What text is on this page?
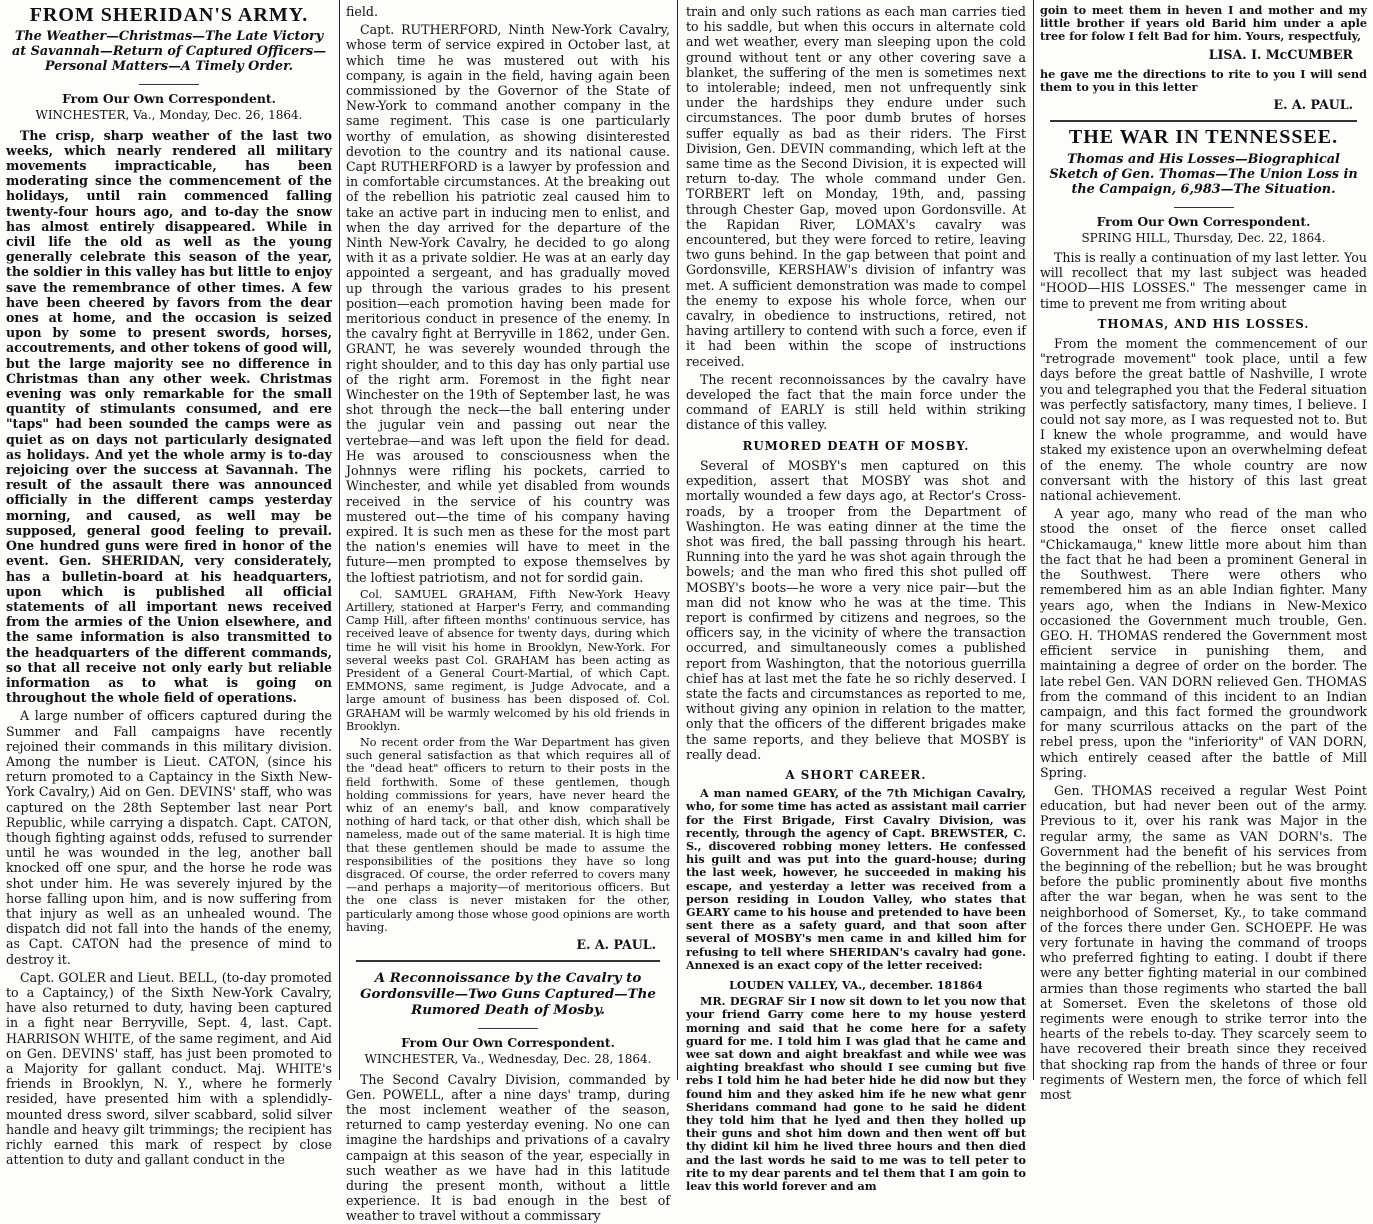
FROM SHERIDAN'S ARMY.
The Weather—Christmas—The Late Victory at Savannah—Return of Captured Officers—Personal Matters—A Timely Order.
From Our Own Correspondent.
WINCHESTER, Va., Monday, Dec. 26, 1864.

The crisp, sharp weather of the last two weeks, which nearly rendered all military movements impracticable, has been moderating since the commencement of the holidays, until rain commenced falling twenty-four hours ago, and to-day the snow has almost entirely disappeared. While in civil life the old as well as the young generally celebrate this season of the year, the soldier in this valley has but little to enjoy save the remembrance of other times. A few have been cheered by favors from the dear ones at home, and the occasion is seized upon by some to present swords, horses, accoutrements, and other tokens of good will, but the large majority see no difference in Christmas than any other week. Christmas evening was only remarkable for the small quantity of stimulants consumed, and ere "taps" had been sounded the camps were as quiet as on days not particularly designated as holidays. And yet the whole army is to-day rejoicing over the success at Savannah. The result of the assault there was announced officially in the different camps yesterday morning, and caused, as well may be supposed, general good feeling to prevail. One hundred guns were fired in honor of the event. Gen. SHERIDAN, very considerately, has a bulletin-board at his headquarters, upon which is published all official statements of all important news received from the armies of the Union elsewhere, and the same information is also transmitted to the headquarters of the different commands, so that all receive not only early but reliable information as to what is going on throughout the whole field of operations.

A large number of officers captured during the Summer and Fall campaigns have recently rejoined their commands in this military division. Among the number is Lieut. CATON, (since his return promoted to a Captaincy in the Sixth New-York Cavalry,) Aid on Gen. DEVINS' staff, who was captured on the 28th September last near Port Republic, while carrying a dispatch. Capt. CATON, though fighting against odds, refused to surrender until he was wounded in the leg, another ball knocked off one spur, and the horse he rode was shot under him. He was severely injured by the horse falling upon him, and is now suffering from that injury as well as an unhealed wound. The dispatch did not fall into the hands of the enemy, as Capt. CATON had the presence of mind to destroy it.

Capt. GOLER and Lieut. BELL, (to-day promoted to a Captaincy,) of the Sixth New-York Cavalry, have also returned to duty, having been captured in a fight near Berryville, Sept. 4, last. Capt. HARRISON WHITE, of the same regiment, and Aid on Gen. DEVINS' staff, has just been promoted to a Majority for gallant conduct. Maj. WHITE's friends in Brooklyn, N. Y., where he formerly resided, have presented him with a splendidly-mounted dress sword, silver scabbard, solid silver handle and heavy gilt trimmings; the recipient has richly earned this mark of respect by close attention to duty and gallant conduct in the

field.

Capt. RUTHERFORD, Ninth New-York Cavalry, whose term of service expired in October last, at which time he was mustered out with his company, is again in the field, having again been commissioned by the Governor of the State of New-York to command another company in the same regiment. This case is one particularly worthy of emulation, as showing disinterested devotion to the country and its national cause. Capt RUTHERFORD is a lawyer by profession and in comfortable circumstances. At the breaking out of the rebellion his patriotic zeal caused him to take an active part in inducing men to enlist, and when the day arrived for the departure of the Ninth New-York Cavalry, he decided to go along with it as a private soldier. He was at an early day appointed a sergeant, and has gradually moved up through the various grades to his present position—each promotion having been made for meritorious conduct in presence of the enemy. In the cavalry fight at Berryville in 1862, under Gen. GRANT, he was severely wounded through the right shoulder, and to this day has only partial use of the right arm. Foremost in the fight near Winchester on the 19th of September last, he was shot through the neck—the ball entering under the jugular vein and passing out near the vertebrae—and was left upon the field for dead. He was aroused to consciousness when the Johnnys were rifling his pockets, carried to Winchester, and while yet disabled from wounds received in the service of his country was mustered out—the time of his company having expired. It is such men as these for the most part the nation's enemies will have to meet in the future—men prompted to expose themselves by the loftiest patriotism, and not for sordid gain.

Col. SAMUEL GRAHAM, Fifth New-York Heavy Artillery, stationed at Harper's Ferry, and commanding Camp Hill, after fifteen months' continuous service, has received leave of absence for twenty days, during which time he will visit his home in Brooklyn, New-York. For several weeks past Col. GRAHAM has been acting as President of a General Court-Martial, of which Capt. EMMONS, same regiment, is Judge Advocate, and a large amount of business has been disposed of. Col. GRAHAM will be warmly welcomed by his old friends in Brooklyn.

No recent order from the War Department has given such general satisfaction as that which requires all of the "dead heat" officers to return to their posts in the field forthwith. Some of these gentlemen, though holding commissions for years, have never heard the whiz of an enemy's ball, and know comparatively nothing of hard tack, or that other dish, which shall be nameless, made out of the same material. It is high time that these gentlemen should be made to assume the responsibilities of the positions they have so long disgraced. Of course, the order referred to covers many—and perhaps a majority—of meritorious officers. But the one class is never mistaken for the other, particularly among those whose good opinions are worth having.

E. A. PAUL.
A Reconnoissance by the Cavalry to Gordonsville—Two Guns Captured—The Rumored Death of Mosby.
From Our Own Correspondent.
WINCHESTER, Va., Wednesday, Dec. 28, 1864.

The Second Cavalry Division, commanded by Gen. POWELL, after a nine days' tramp, during the most inclement weather of the season, returned to camp yesterday evening. No one can imagine the hardships and privations of a cavalry campaign at this season of the year, especially in such weather as we have had in this latitude during the present month, without a little experience. It is bad enough in the best of weather to travel without a commissary

train and only such rations as each man carries tied to his saddle, but when this occurs in alternate cold and wet weather, every man sleeping upon the cold ground without tent or any other covering save a blanket, the suffering of the men is sometimes next to intolerable; indeed, men not unfrequently sink under the hardships they endure under such circumstances. The poor dumb brutes of horses suffer equally as bad as their riders. The First Division, Gen. DEVIN commanding, which left at the same time as the Second Division, it is expected will return to-day. The whole command under Gen. TORBERT left on Monday, 19th, and, passing through Chester Gap, moved upon Gordonsville. At the Rapidan River, LOMAX's cavalry was encountered, but they were forced to retire, leaving two guns behind. In the gap between that point and Gordonsville, KERSHAW's division of infantry was met. A sufficient demonstration was made to compel the enemy to expose his whole force, when our cavalry, in obedience to instructions, retired, not having artillery to contend with such a force, even if it had been within the scope of instructions received.

The recent reconnoissances by the cavalry have developed the fact that the main force under the command of EARLY is still held within striking distance of this valley.

RUMORED DEATH OF MOSBY.

Several of MOSBY's men captured on this expedition, assert that MOSBY was shot and mortally wounded a few days ago, at Rector's Cross-roads, by a trooper from the Department of Washington. He was eating dinner at the time the shot was fired, the ball passing through his heart. Running into the yard he was shot again through the bowels; and the man who fired this shot pulled off MOSBY's boots—he wore a very nice pair—but the man did not know who he was at the time. This report is confirmed by citizens and negroes, so the officers say, in the vicinity of where the transaction occurred, and simultaneously comes a published report from Washington, that the notorious guerrilla chief has at last met the fate he so richly deserved. I state the facts and circumstances as reported to me, without giving any opinion in relation to the matter, only that the officers of the different brigades make the same reports, and they believe that MOSBY is really dead.

A SHORT CAREER.

A man named GEARY, of the 7th Michigan Cavalry, who, for some time has acted as assistant mail carrier for the First Brigade, First Cavalry Division, was recently, through the agency of Capt. BREWSTER, C. S., discovered robbing money letters. He confessed his guilt and was put into the guard-house; during the last week, however, he succeeded in making his escape, and yesterday a letter was received from a person residing in Loudon Valley, who states that GEARY came to his house and pretended to have been sent there as a safety guard, and that soon after several of MOSBY's men came in and killed him for refusing to tell where SHERIDAN's cavalry had gone. Annexed is an exact copy of the letter received:

LOUDEN VALLEY, VA., december. 181864

MR. DEGRAF Sir I now sit down to let you now that your friend Garry come here to my house yesterd morning and said that he come here for a safety guard for me. I told him I was glad that he came and wee sat down and aight breakfast and while wee was aighting breakfast who should I see cuming but five rebs I told him he had beter hide he did now but they found him and they asked him ife he new what genr Sheridans command had gone to he said he dident they told him that he lyed and then they holled up their guns and shot him down and then went off but thy didint kil him he lived three hours and then died and the last words he said to me was to tell peter to rite to my dear parents and tel them that I am goin to leav this world forever and am

goin to meet them in heven I and mother and my little brother if years old Barid him under a aple tree for folow I felt Bad for him. Yours, respectfuly,

LISA. I. McCUMBER

he gave me the directions to rite to you I will send them to you in this letter

E. A. PAUL.
THE WAR IN TENNESSEE.
Thomas and His Losses—Biographical Sketch of Gen. Thomas—The Union Loss in the Campaign, 6,983—The Situation.
From Our Own Correspondent.
SPRING HILL, Thursday, Dec. 22, 1864.

This is really a continuation of my last letter. You will recollect that my last subject was headed "HOOD—HIS LOSSES." The messenger came in time to prevent me from writing about

THOMAS, AND HIS LOSSES.

From the moment the commencement of our "retrograde movement" took place, until a few days before the great battle of Nashville, I wrote you and telegraphed you that the Federal situation was perfectly satisfactory, many times, I believe. I could not say more, as I was requested not to. But I knew the whole programme, and would have staked my existence upon an overwhelming defeat of the enemy. The whole country are now conversant with the history of this last great national achievement.

A year ago, many who read of the man who stood the onset of the fierce onset called "Chickamauga," knew little more about him than the fact that he had been a prominent General in the Southwest. There were others who remembered him as an able Indian fighter. Many years ago, when the Indians in New-Mexico occasioned the Government much trouble, Gen. GEO. H. THOMAS rendered the Government most efficient service in punishing them, and maintaining a degree of order on the border. The late rebel Gen. VAN DORN relieved Gen. THOMAS from the command of this incident to an Indian campaign, and this fact formed the groundwork for many scurrilous attacks on the part of the rebel press, upon the "inferiority" of VAN DORN, which entirely ceased after the battle of Mill Spring.

Gen. THOMAS received a regular West Point education, but had never been out of the army. Previous to it, over his rank was Major in the regular army, the same as VAN DORN's. The Government had the benefit of his services from the beginning of the rebellion; but he was brought before the public prominently about five months after the war began, when he was sent to the neighborhood of Somerset, Ky., to take command of the forces there under Gen. SCHOEPF. He was very fortunate in having the command of troops who preferred fighting to eating. I doubt if there were any better fighting material in our combined armies than those regiments who started the ball at Somerset. Even the skeletons of those old regiments were enough to strike terror into the hearts of the rebels to-day. They scarcely seem to have recovered their breath since they received that shocking rap from the hands of three or four regiments of Western men, the force of which fell most
